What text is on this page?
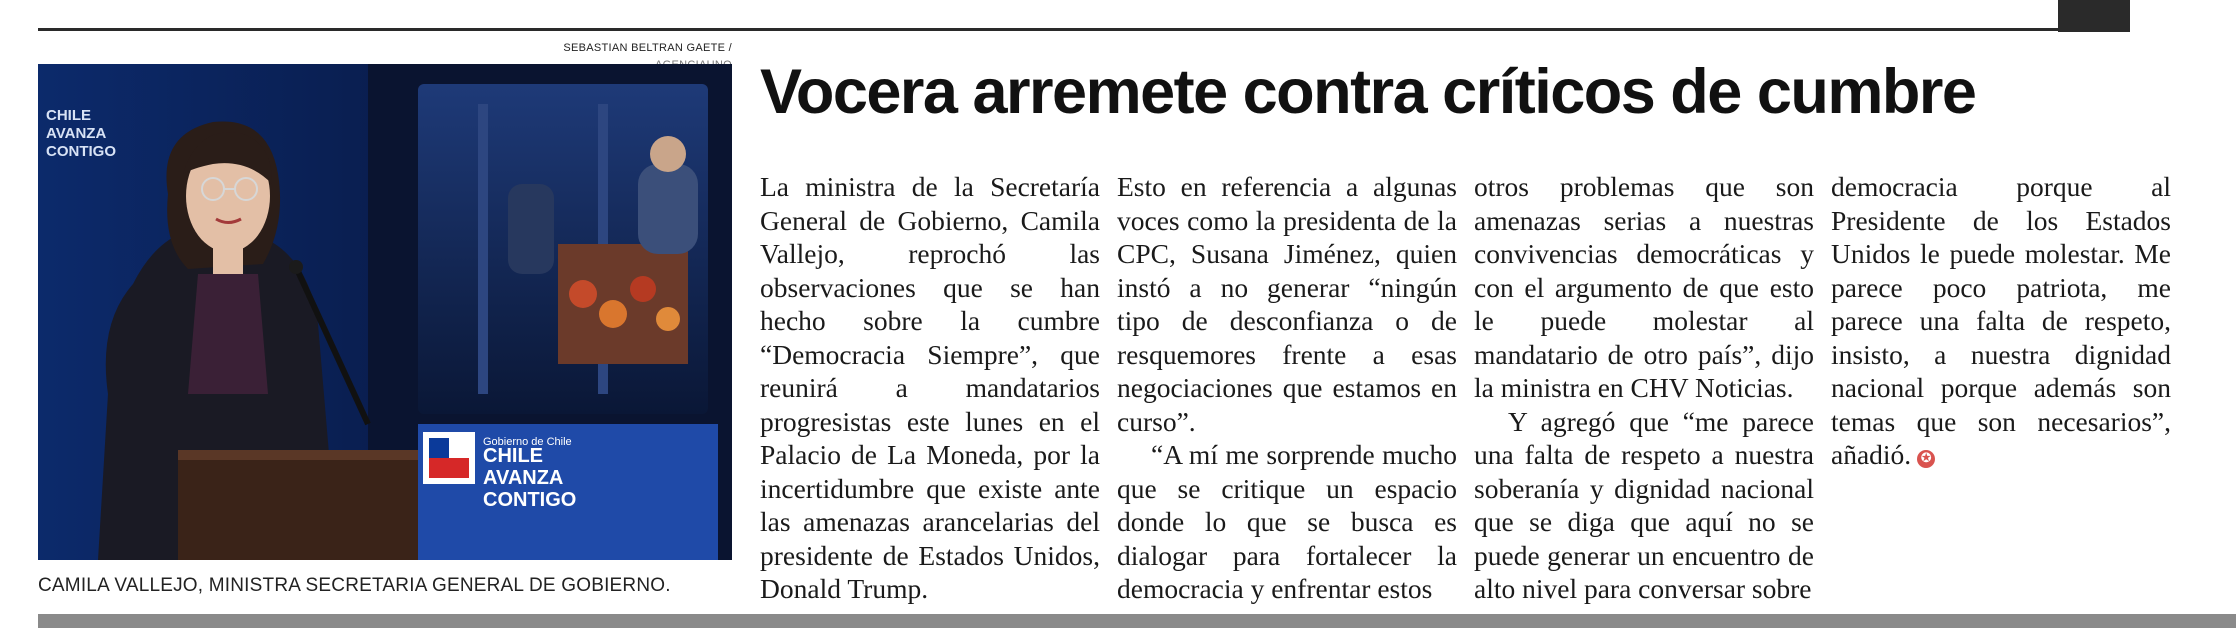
SEBASTIAN BELTRAN GAETE /
Gobierno de Chile
CHILE
AVANZA
CONTIGO
CHILE
AVANZA
CONTIGO
CAMILA VALLEJO, MINISTRA SECRETARIA GENERAL DE GOBIERNO.
Vocera arremete contra críticos de cumbre

La ministra de la Secretaría General de Gobierno, Camila Vallejo, reprochó las observaciones que se han hecho sobre la cumbre “Democracia Siempre”, que reunirá a mandatarios progresistas este lunes en el Palacio de La Moneda, por la incertidumbre que existe ante las amenazas arancelarias del presidente de Estados Unidos, Donald Trump.

Esto en referencia a algunas voces como la presidenta de la CPC, Susana Jiménez, quien instó a no generar “ningún tipo de desconfianza o de resquemores frente a esas negociaciones que estamos en curso”.

“A mí me sorprende mucho que se critique un espacio donde lo que se busca es dialogar para fortalecer la democracia y enfrentar estos

otros problemas que son amenazas serias a nuestras convivencias democráticas y con el argumento de que esto le puede molestar al mandatario de otro país”, dijo la ministra en CHV Noticias.

Y agregó que “me parece una falta de respeto a nuestra soberanía y dignidad nacional que se diga que aquí no se puede generar un encuentro de alto nivel para conversar sobre

democracia porque al Presidente de los Estados Unidos le puede molestar. Me parece poco patriota, me parece una falta de respeto, insisto, a nuestra dignidad nacional porque además son temas que son necesarios”, añadió. ✪
